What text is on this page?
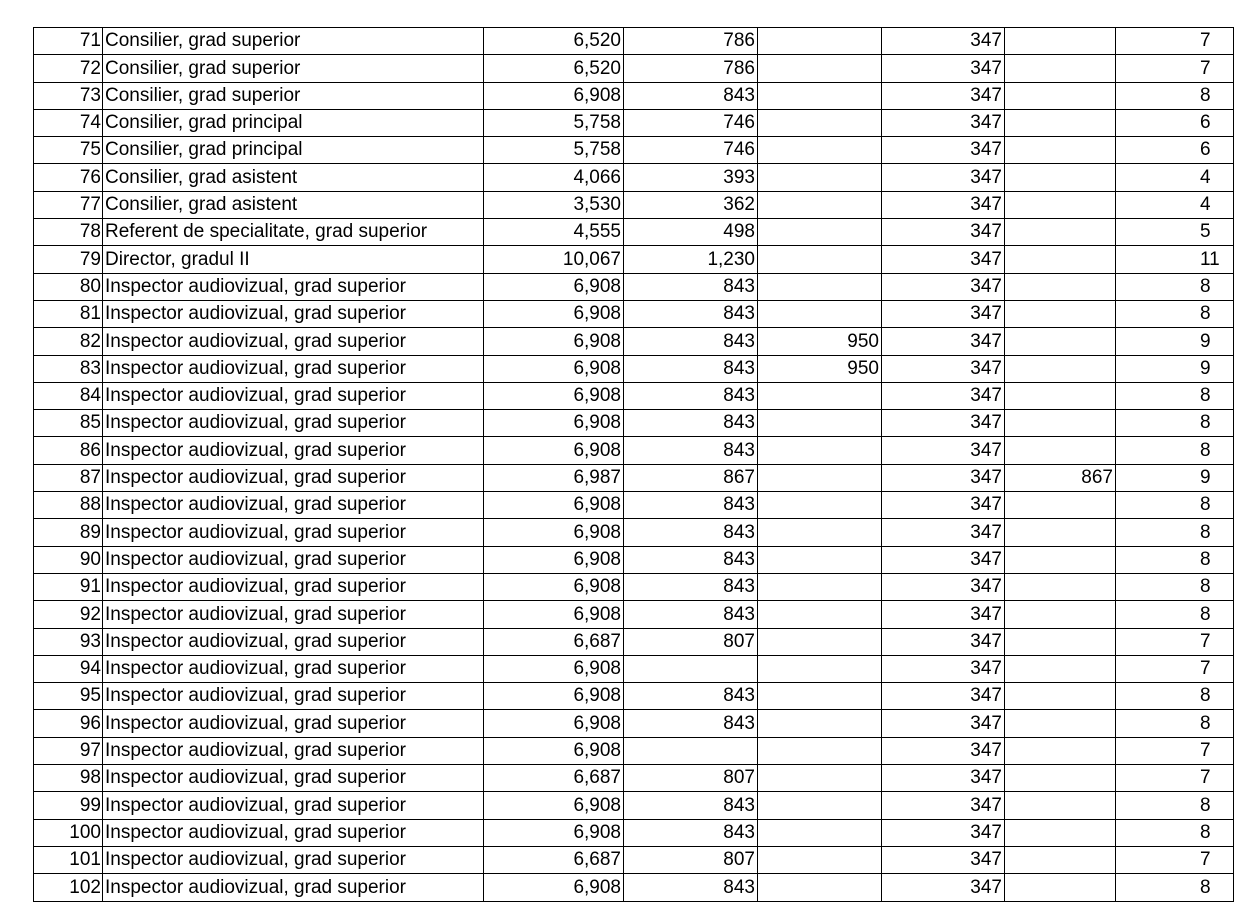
71	Consilier, grad superior	6,520	786		347		7
72	Consilier, grad superior	6,520	786		347		7
73	Consilier, grad superior	6,908	843		347		8
74	Consilier, grad principal	5,758	746		347		6
75	Consilier, grad principal	5,758	746		347		6
76	Consilier, grad asistent	4,066	393		347		4
77	Consilier, grad asistent	3,530	362		347		4
78	Referent de specialitate, grad superior	4,555	498		347		5
79	Director, gradul II	10,067	1,230		347		11
80	Inspector audiovizual, grad superior	6,908	843		347		8
81	Inspector audiovizual, grad superior	6,908	843		347		8
82	Inspector audiovizual, grad superior	6,908	843	950	347		9
83	Inspector audiovizual, grad superior	6,908	843	950	347		9
84	Inspector audiovizual, grad superior	6,908	843		347		8
85	Inspector audiovizual, grad superior	6,908	843		347		8
86	Inspector audiovizual, grad superior	6,908	843		347		8
87	Inspector audiovizual, grad superior	6,987	867		347	867	9
88	Inspector audiovizual, grad superior	6,908	843		347		8
89	Inspector audiovizual, grad superior	6,908	843		347		8
90	Inspector audiovizual, grad superior	6,908	843		347		8
91	Inspector audiovizual, grad superior	6,908	843		347		8
92	Inspector audiovizual, grad superior	6,908	843		347		8
93	Inspector audiovizual, grad superior	6,687	807		347		7
94	Inspector audiovizual, grad superior	6,908			347		7
95	Inspector audiovizual, grad superior	6,908	843		347		8
96	Inspector audiovizual, grad superior	6,908	843		347		8
97	Inspector audiovizual, grad superior	6,908			347		7
98	Inspector audiovizual, grad superior	6,687	807		347		7
99	Inspector audiovizual, grad superior	6,908	843		347		8
100	Inspector audiovizual, grad superior	6,908	843		347		8
101	Inspector audiovizual, grad superior	6,687	807		347		7
102	Inspector audiovizual, grad superior	6,908	843		347		8
